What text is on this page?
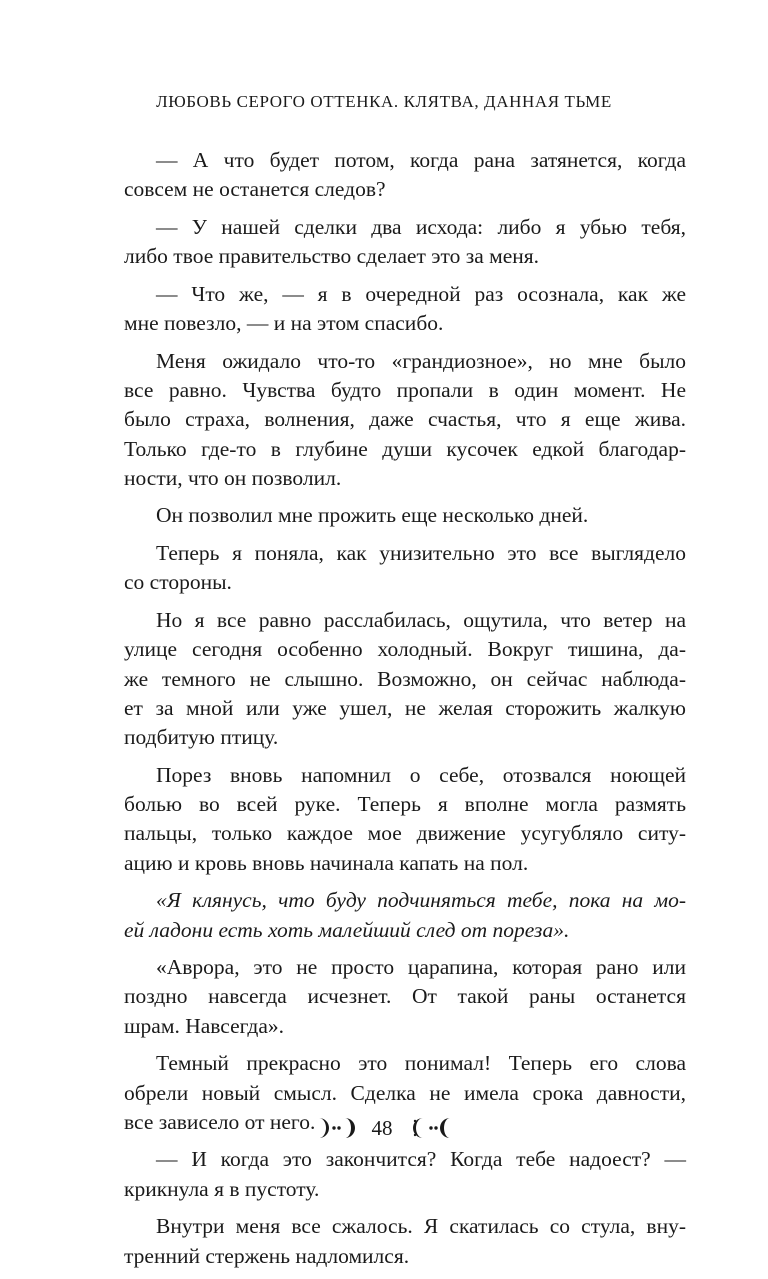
ЛЮБОВЬ СЕРОГО ОТТЕНКА. КЛЯТВА, ДАННАЯ ТЬМЕ
— А что будет потом, когда рана затянется, когда
совсем не останется следов?
— У нашей сделки два исхода: либо я убью тебя,
либо твое правительство сделает это за меня.
— Что же, — я в очередной раз осознала, как же
мне повезло, — и на этом спасибо.
Меня ожидало что-то «грандиозное», но мне было
все равно. Чувства будто пропали в один момент. Не
было страха, волнения, даже счастья, что я еще жива.
Только где-то в глубине души кусочек едкой благодар-
ности, что он позволил.
Он позволил мне прожить еще несколько дней.
Теперь я поняла, как унизительно это все выглядело
со стороны.
Но я все равно расслабилась, ощутила, что ветер на
улице сегодня особенно холодный. Вокруг тишина, да-
же темного не слышно. Возможно, он сейчас наблюда-
ет за мной или уже ушел, не желая сторожить жалкую
подбитую птицу.
Порез вновь напомнил о себе, отозвался ноющей
болью во всей руке. Теперь я вполне могла размять
пальцы, только каждое мое движение усугубляло ситу-
ацию и кровь вновь начинала капать на пол.
«Я клянусь, что буду подчиняться тебе, пока на мо-
ей ладони есть хоть малейший след от пореза».
«Аврора, это не просто царапина, которая рано или
поздно навсегда исчезнет. От такой раны останется
шрам. Навсегда».
Темный прекрасно это понимал! Теперь его слова
обрели новый смысл. Сделка не имела срока давности,
все зависело от него.
— И когда это закончится? Когда тебе надоест? —
крикнула я в пустоту.
Внутри меня все сжалось. Я скатилась со стула, вну-
тренний стержень надломился.
48
